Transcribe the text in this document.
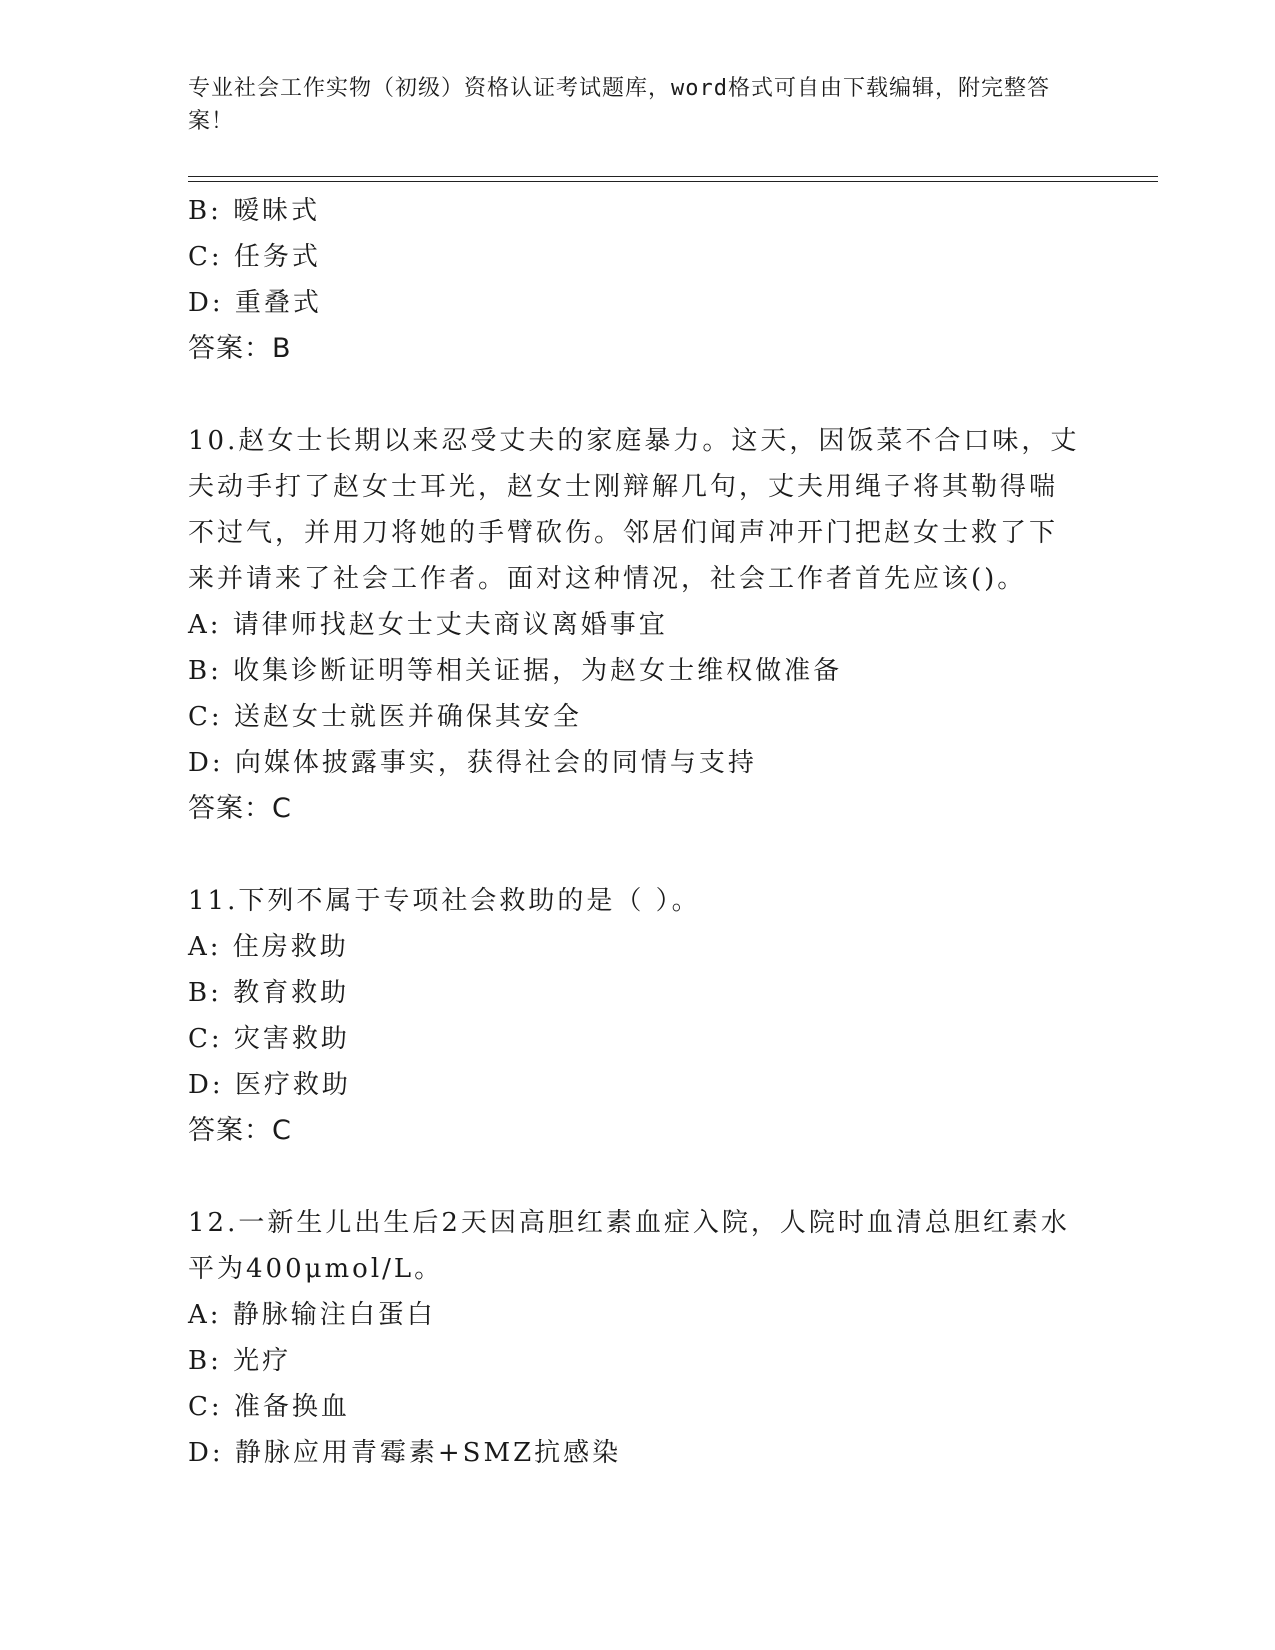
专业社会工作实物（初级）资格认证考试题库，word格式可自由下载编辑，附完整答案！
B: 暧昧式
C: 任务式
D: 重叠式
答案：B
10.赵女士长期以来忍受丈夫的家庭暴力。这天，因饭菜不合口味，丈
夫动手打了赵女士耳光，赵女士刚辩解几句，丈夫用绳子将其勒得喘
不过气，并用刀将她的手臂砍伤。邻居们闻声冲开门把赵女士救了下
来并请来了社会工作者。面对这种情况，社会工作者首先应该()。
A: 请律师找赵女士丈夫商议离婚事宜
B: 收集诊断证明等相关证据，为赵女士维权做准备
C: 送赵女士就医并确保其安全
D: 向媒体披露事实，获得社会的同情与支持
答案：C
11.下列不属于专项社会救助的是（ ）。
A: 住房救助
B: 教育救助
C: 灾害救助
D: 医疗救助
答案：C
12.一新生儿出生后2天因高胆红素血症入院，人院时血清总胆红素水
平为400μmol/L。
A: 静脉输注白蛋白
B: 光疗
C: 准备换血
D: 静脉应用青霉素+SMZ抗感染
